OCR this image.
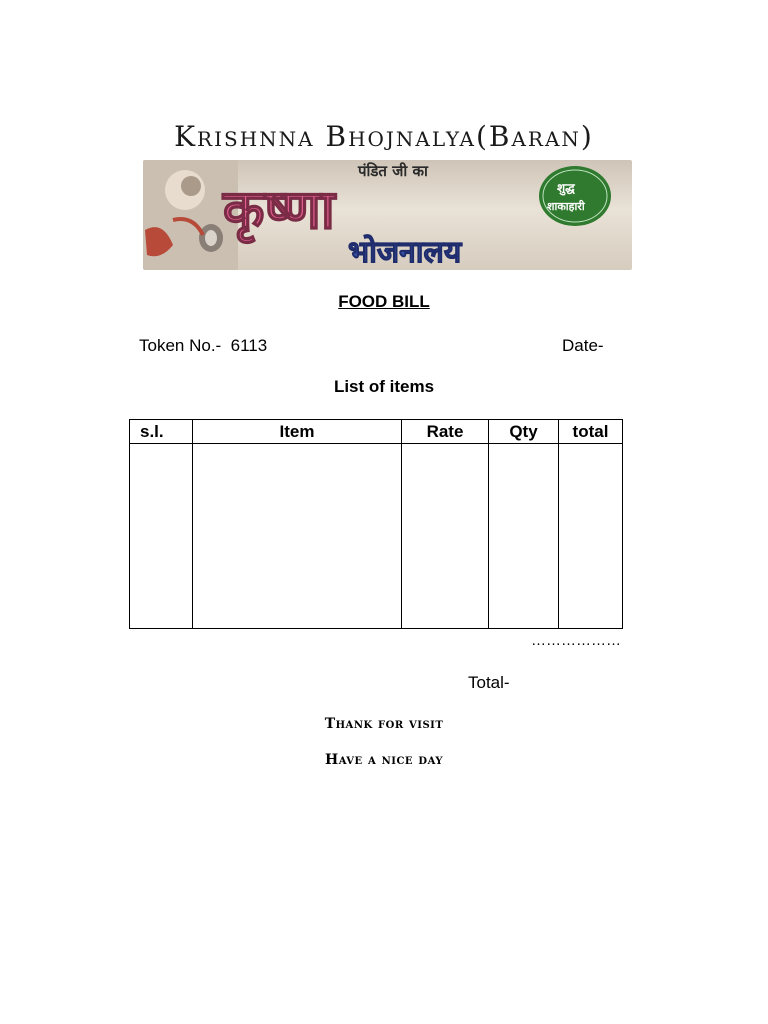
Krishnna Bhojnalya(Baran)
पंडित जी का
कृष्णा
भोजनालय
शुद्ध
शाकाहारी
FOOD BILL
Token No.-  6113	Date-
List of items
s.l.	Item	Rate	Qty	total

………………
Total-
Thank for visit
Have a nice day
